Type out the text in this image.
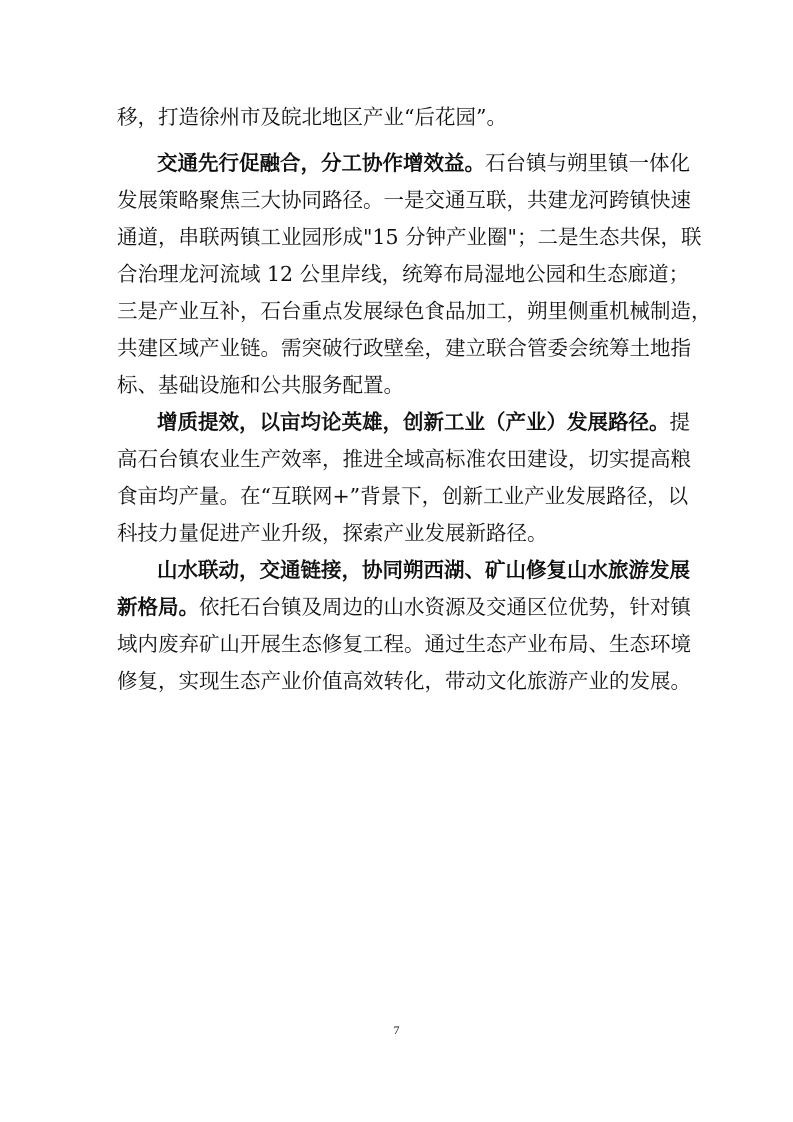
移，打造徐州市及皖北地区产业“后花园”。
交通先行促融合，分工协作增效益。石台镇与朔里镇一体化
发展策略聚焦三大协同路径。一是交通互联，共建龙河跨镇快速
通道，串联两镇工业园形成"15 分钟产业圈"；二是生态共保，联
合治理龙河流域 12 公里岸线，统筹布局湿地公园和生态廊道；
三是产业互补，石台重点发展绿色食品加工，朔里侧重机械制造，
共建区域产业链。需突破行政壁垒，建立联合管委会统筹土地指
标、基础设施和公共服务配置。
增质提效，以亩均论英雄，创新工业（产业）发展路径。提
高石台镇农业生产效率，推进全域高标准农田建设，切实提高粮
食亩均产量。在“互联网+”背景下，创新工业产业发展路径，以
科技力量促进产业升级，探索产业发展新路径。
山水联动，交通链接，协同朔西湖、矿山修复山水旅游发展
新格局。依托石台镇及周边的山水资源及交通区位优势，针对镇
域内废弃矿山开展生态修复工程。通过生态产业布局、生态环境
修复，实现生态产业价值高效转化，带动文化旅游产业的发展。
7
